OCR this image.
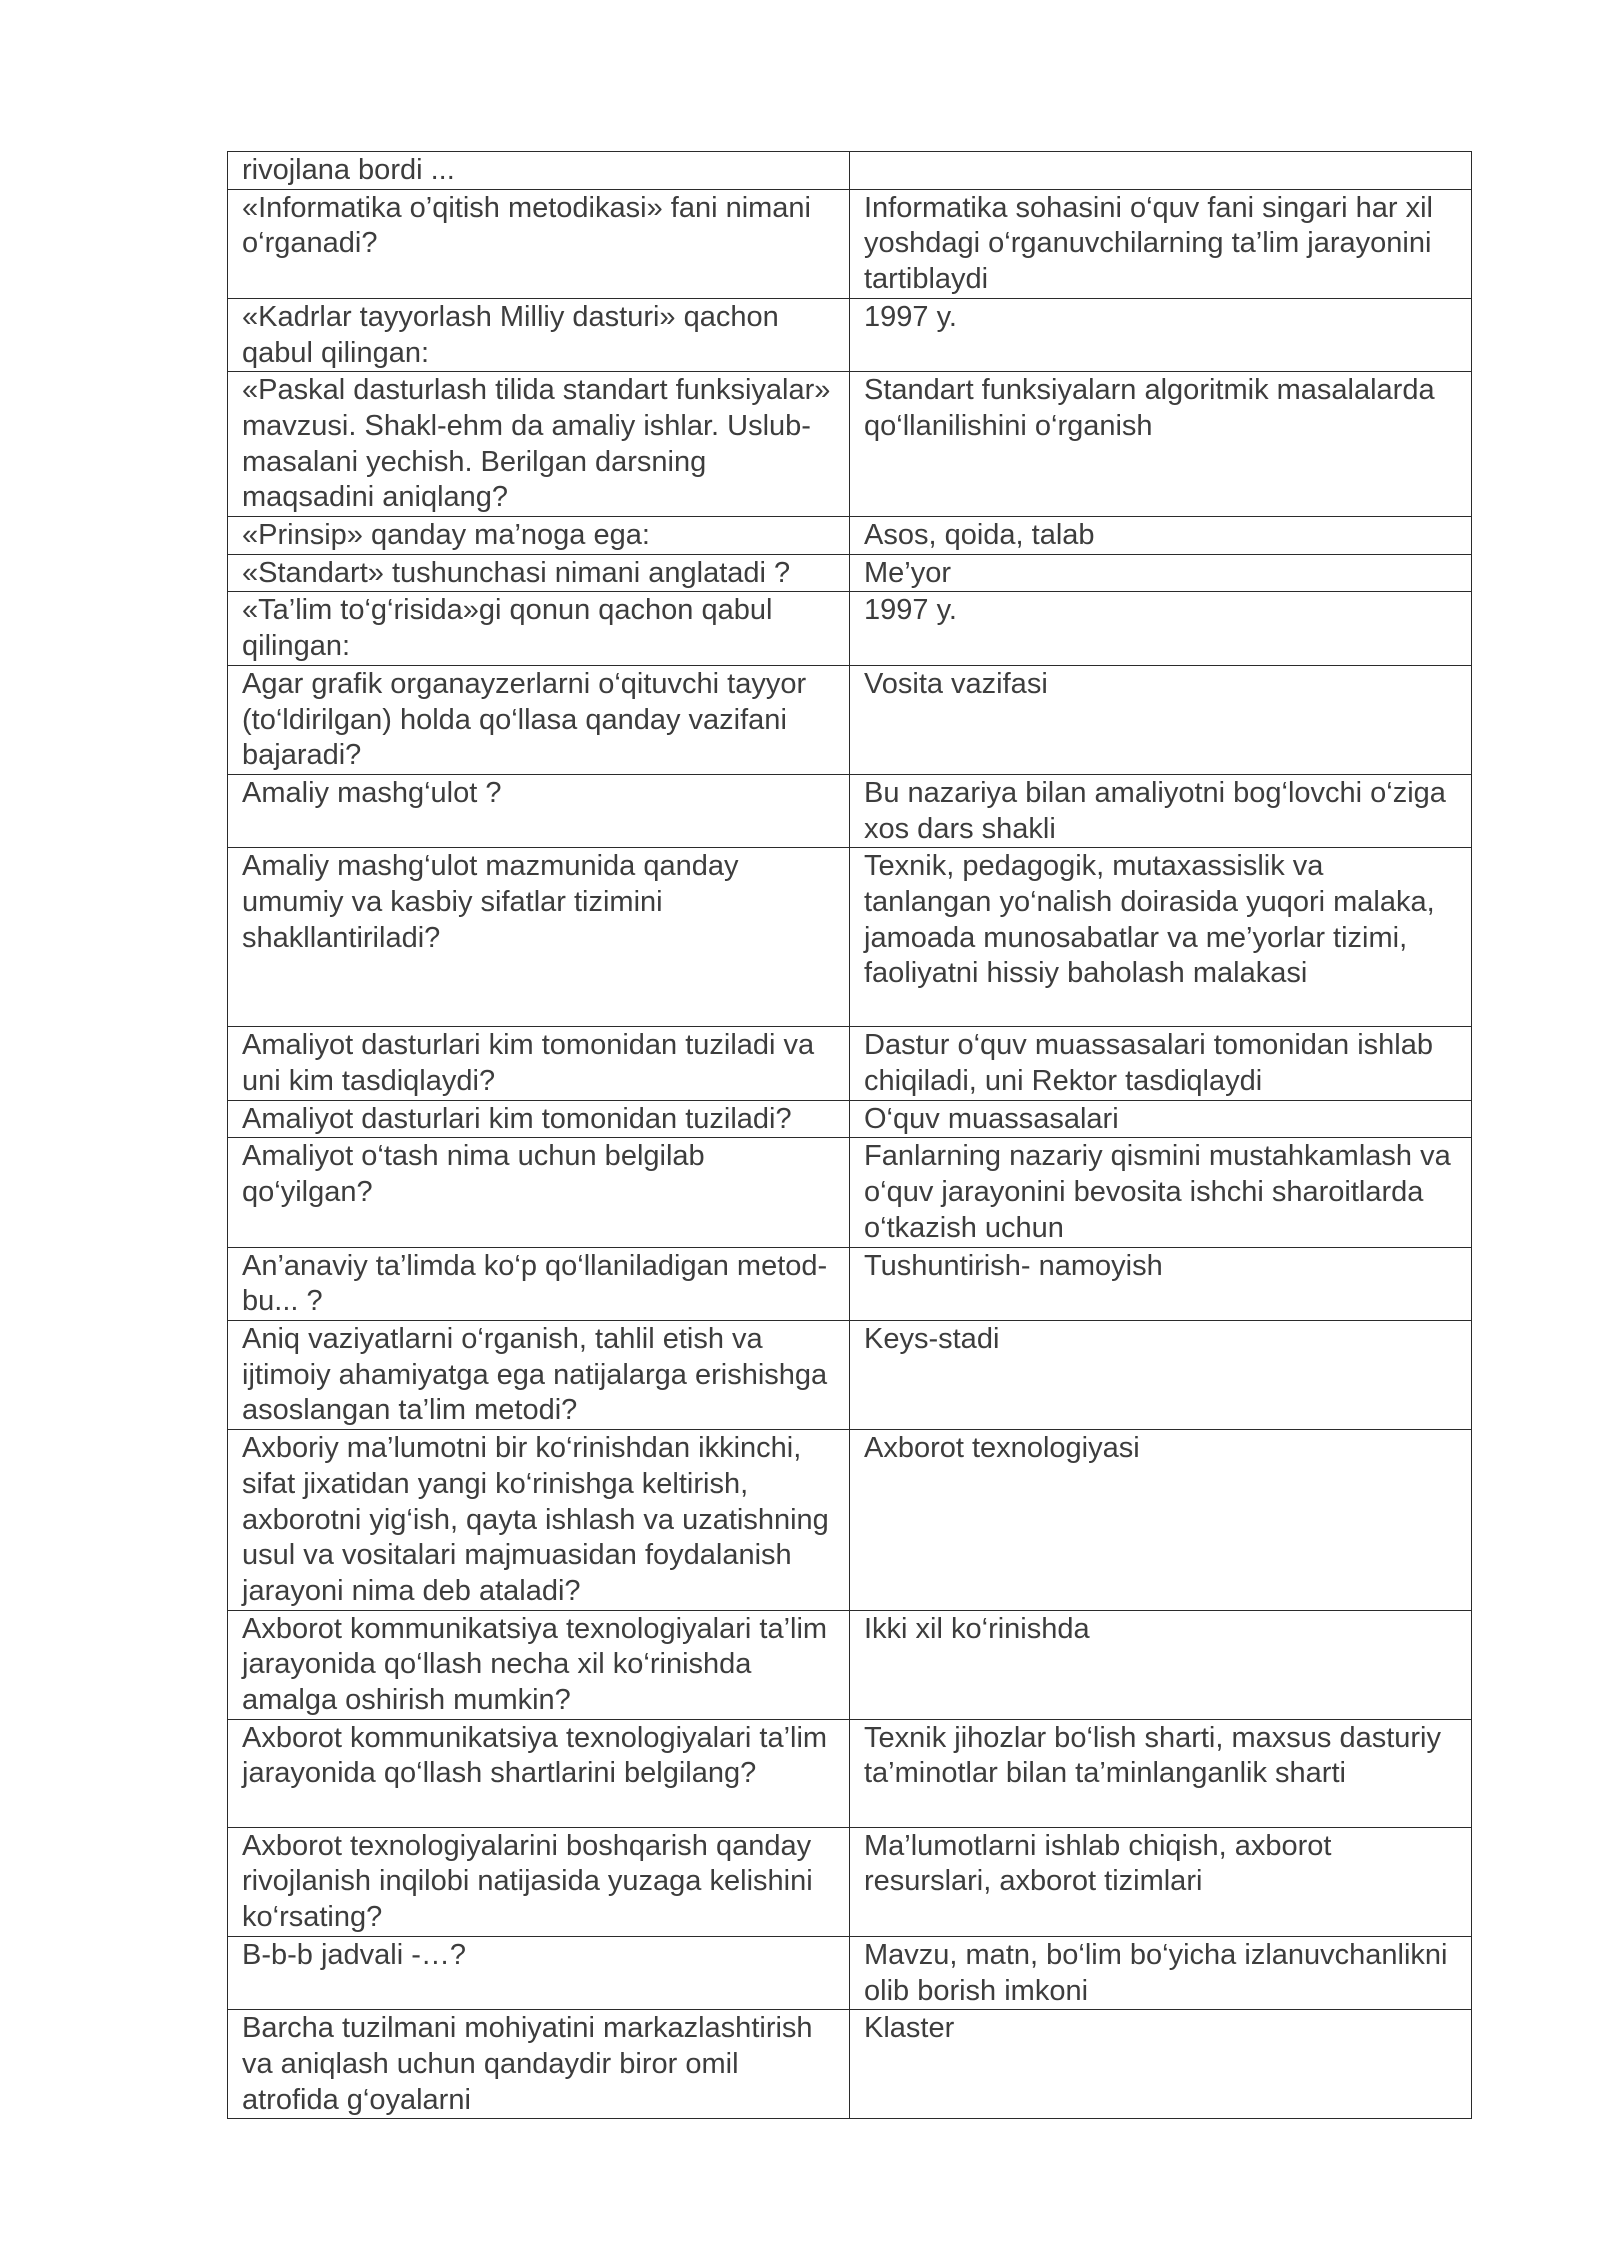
rivojlana bordi ...	
«Informatika o’qitish metodikasi» fani nimani o‘rganadi?	Informatika sohasini o‘quv fani singari har xil yoshdagi o‘rganuvchilarning ta’lim jarayonini tartiblaydi
«Kadrlar tayyorlash Milliy dasturi» qachon qabul qilingan:	1997 y.
«Paskal dasturlash tilida standart funksiyalar» mavzusi. Shakl-ehm da amaliy ishlar. Uslub-masalani yechish. Berilgan darsning maqsadini aniqlang?	Standart funksiyalarn algoritmik masalalarda qo‘llanilishini o‘rganish
«Prinsip» qanday ma’noga ega:	Asos, qoida, talab
«Standart» tushunchasi nimani anglatadi ?	Me’yor
«Ta’lim to‘g‘risida»gi qonun qachon qabul qilingan:	1997 y.
Agar grafik organayzerlarni o‘qituvchi tayyor (to‘ldirilgan) holda qo‘llasa qanday vazifani bajaradi?	Vosita vazifasi
Amaliy mashg‘ulot ?	Bu nazariya bilan amaliyotni bog‘lovchi o‘ziga xos dars shakli
Amaliy mashg‘ulot mazmunida qanday umumiy va kasbiy sifatlar tizimini shakllantiriladi?	Texnik, pedagogik, mutaxassislik va tanlangan yo‘nalish doirasida yuqori malaka, jamoada munosabatlar va me’yorlar tizimi, faoliyatni hissiy baholash malakasi
Amaliyot dasturlari kim tomonidan tuziladi va uni kim tasdiqlaydi?	Dastur o‘quv muassasalari tomonidan ishlab chiqiladi, uni Rektor tasdiqlaydi
Amaliyot dasturlari kim tomonidan tuziladi?	O‘quv muassasalari
Amaliyot o‘tash nima uchun belgilab qo‘yilgan?	Fanlarning nazariy qismini mustahkamlash va o‘quv jarayonini bevosita ishchi sharoitlarda o‘tkazish uchun
An’anaviy ta’limda ko‘p qo‘llaniladigan metod- bu... ?	Tushuntirish- namoyish
Aniq vaziyatlarni o‘rganish, tahlil etish va ijtimoiy ahamiyatga ega natijalarga erishishga asoslangan ta’lim metodi?	Keys-stadi
Axboriy ma’lumotni bir ko‘rinishdan ikkinchi, sifat jixatidan yangi ko‘rinishga keltirish, axborotni yig‘ish, qayta ishlash va uzatishning usul va vositalari majmuasidan foydalanish jarayoni nima deb ataladi?	Axborot texnologiyasi
Axborot kommunikatsiya texnologiyalari ta’lim jarayonida qo‘llash necha xil ko‘rinishda amalga oshirish mumkin?	Ikki xil ko‘rinishda
Axborot kommunikatsiya texnologiyalari ta’lim jarayonida qo‘llash shartlarini belgilang?	Texnik jihozlar bo‘lish sharti, maxsus dasturiy ta’minotlar bilan ta’minlanganlik sharti
Axborot texnologiyalarini boshqarish qanday rivojlanish inqilobi natijasida yuzaga kelishini ko‘rsating?	Ma’lumotlarni ishlab chiqish, axborot resurslari, axborot tizimlari
B-b-b jadvali -…?	Mavzu, matn, bo‘lim bo‘yicha izlanuvchanlikni olib borish imkoni
Barcha tuzilmani mohiyatini markazlashtirish va aniqlash uchun qandaydir biror omil atrofida g‘oyalarni	Klaster
